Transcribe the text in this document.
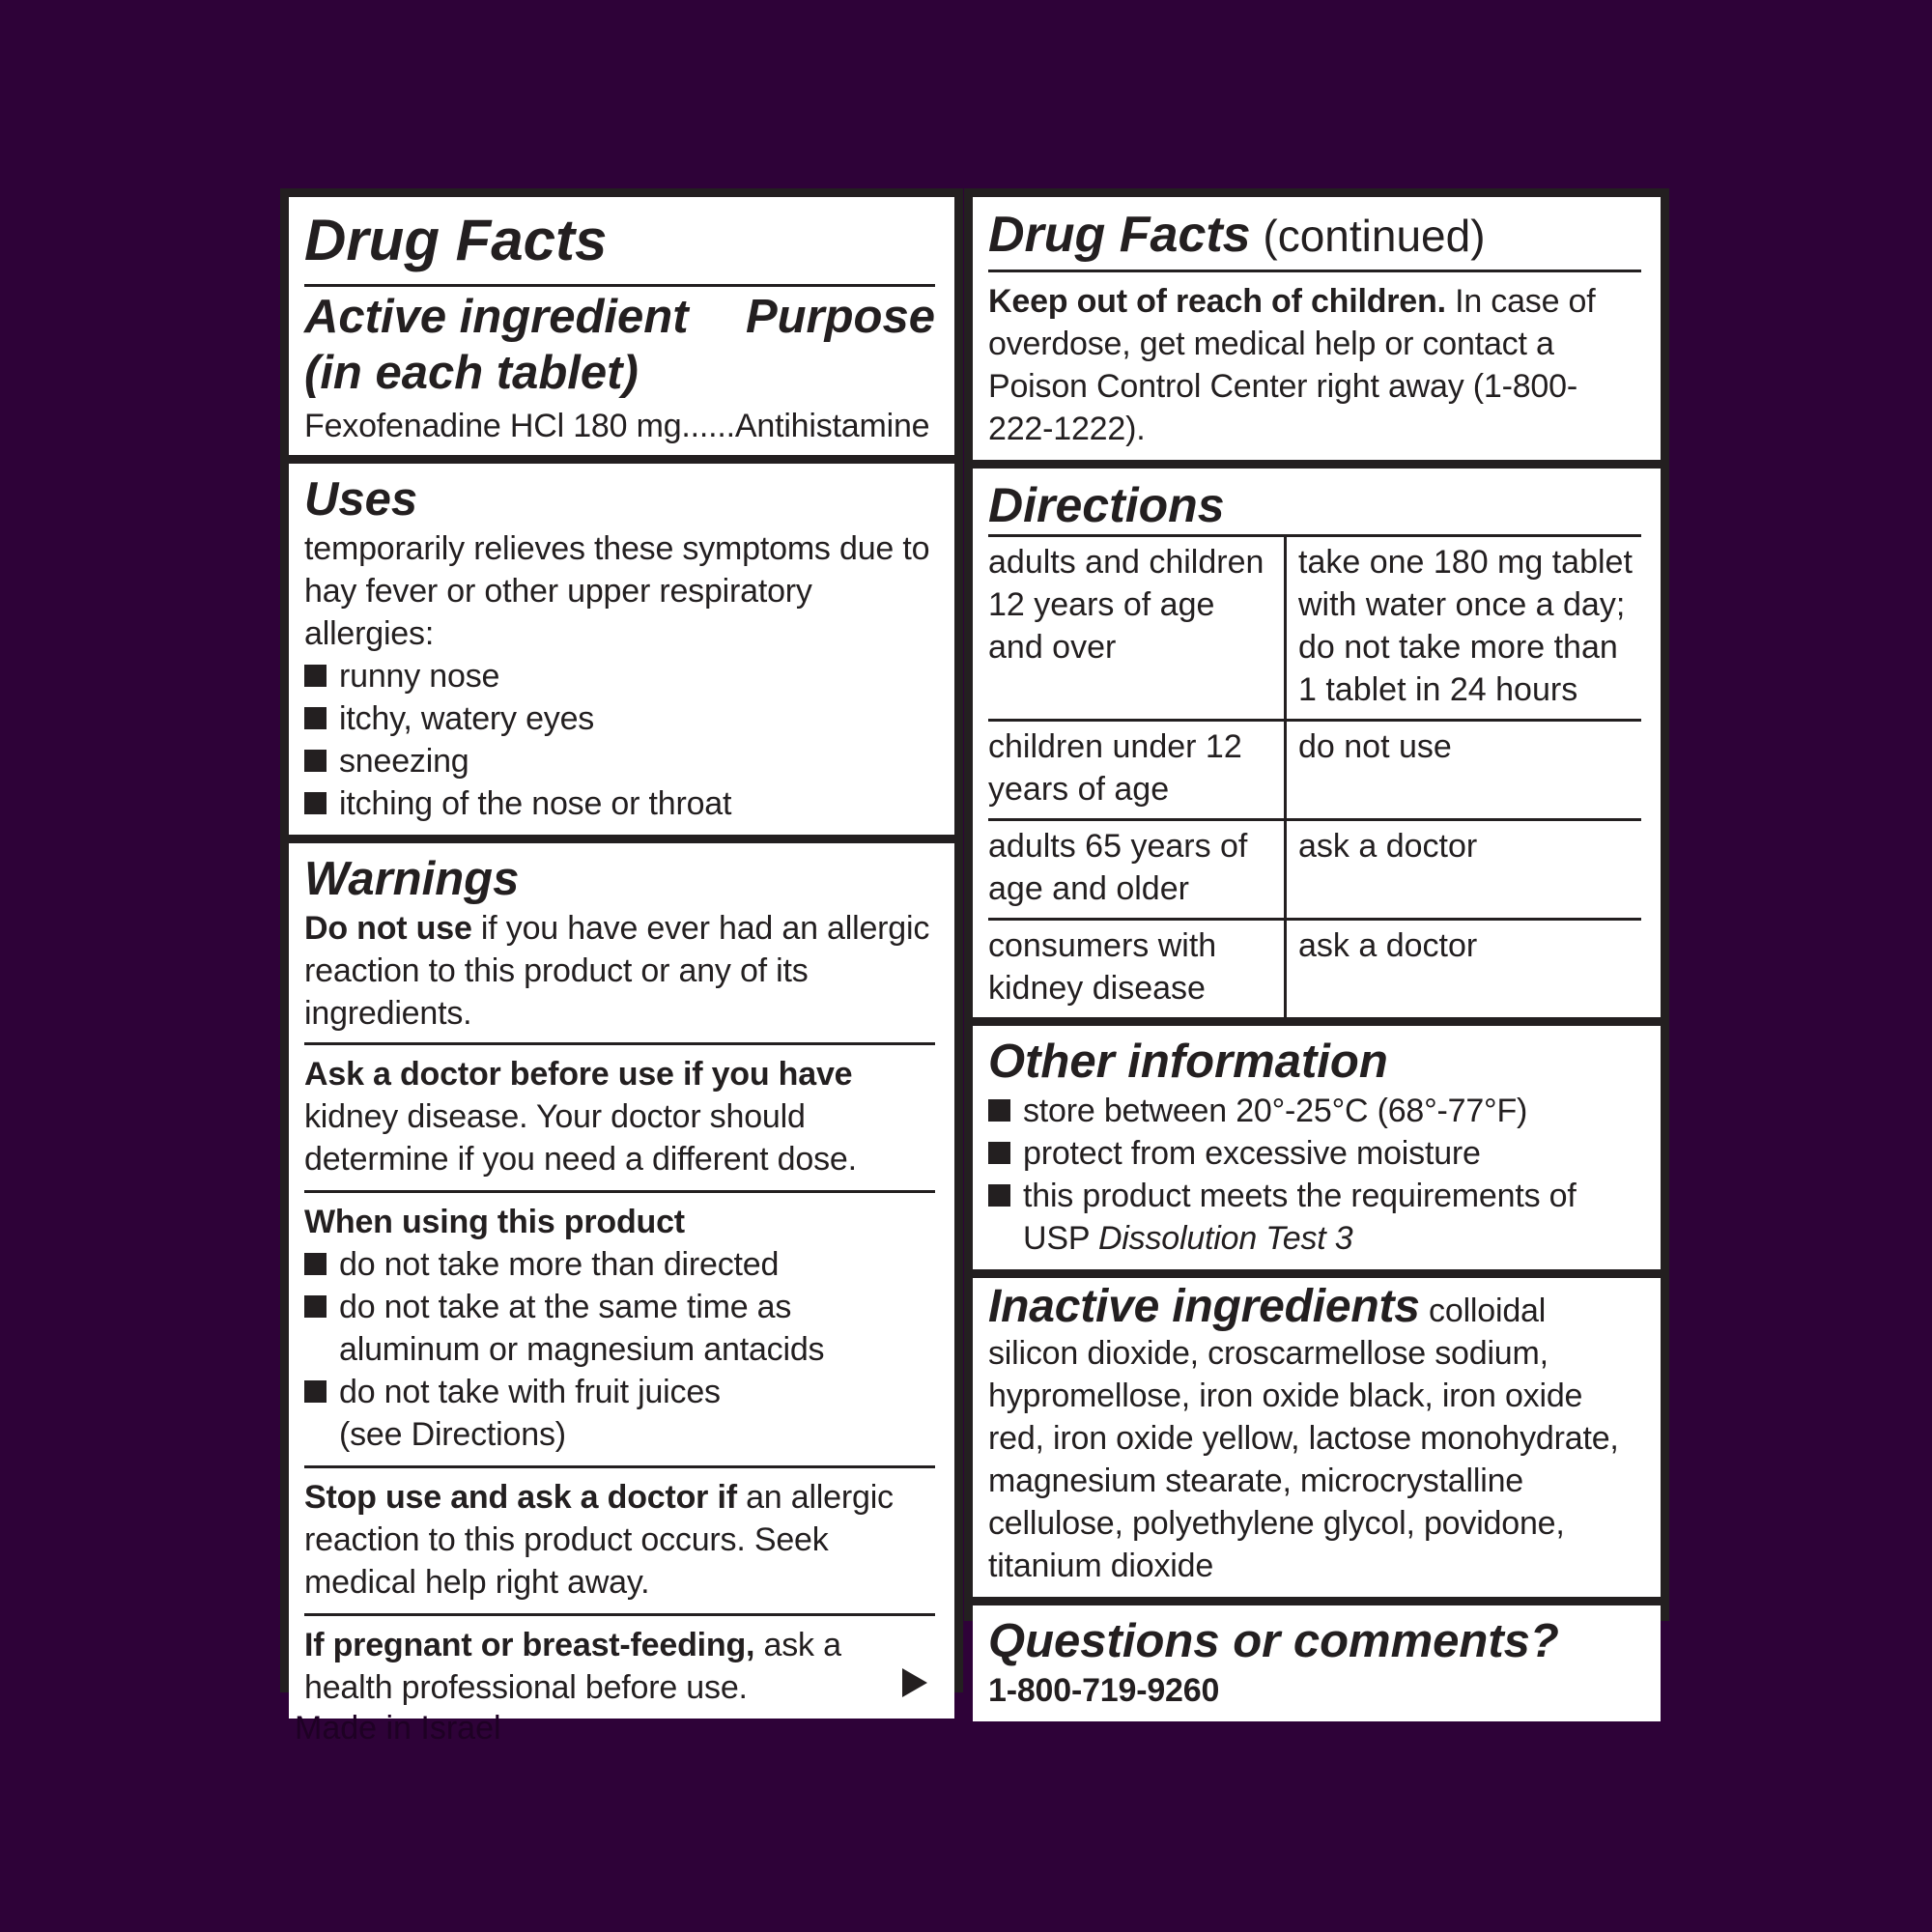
Drug Facts
Active ingredient
(in each tablet)
Purpose
Fexofenadine HCl 180 mg......Antihistamine
Uses
temporarily relieves these symptoms due to hay fever or other upper respiratory allergies:
runny nose
itchy, watery eyes
sneezing
itching of the nose or throat
Warnings
Do not use if you have ever had an allergic reaction to this product or any of its ingredients.
Ask a doctor before use if you have
kidney disease. Your doctor should determine if you need a different dose.
When using this product
do not take more than directed
do not take at the same time as aluminum or magnesium antacids
do not take with fruit juices (see Directions)
Stop use and ask a doctor if an allergic reaction to this product occurs. Seek medical help right away.
If pregnant or breast-feeding, ask a health professional before use.
Drug Facts (continued)
Keep out of reach of children. In case of overdose, get medical help or contact a Poison Control Center right away (1-800-222-1222).
Directions
adults and children 12 years of age and over	take one 180 mg tablet with water once a day; do not take more than 1 tablet in 24 hours
children under 12 years of age	do not use
adults 65 years of age and older	ask a doctor
consumers with kidney disease	ask a doctor
Other information
store between 20°-25°C (68°-77°F)
protect from excessive moisture
this product meets the requirements of USP Dissolution Test 3
Inactive ingredients colloidal silicon dioxide, croscarmellose sodium, hypromellose, iron oxide black, iron oxide red, iron oxide yellow, lactose monohydrate, magnesium stearate, microcrystalline cellulose, polyethylene glycol, povidone, titanium dioxide
Questions or comments?
1-800-719-9260
Made in Israel
